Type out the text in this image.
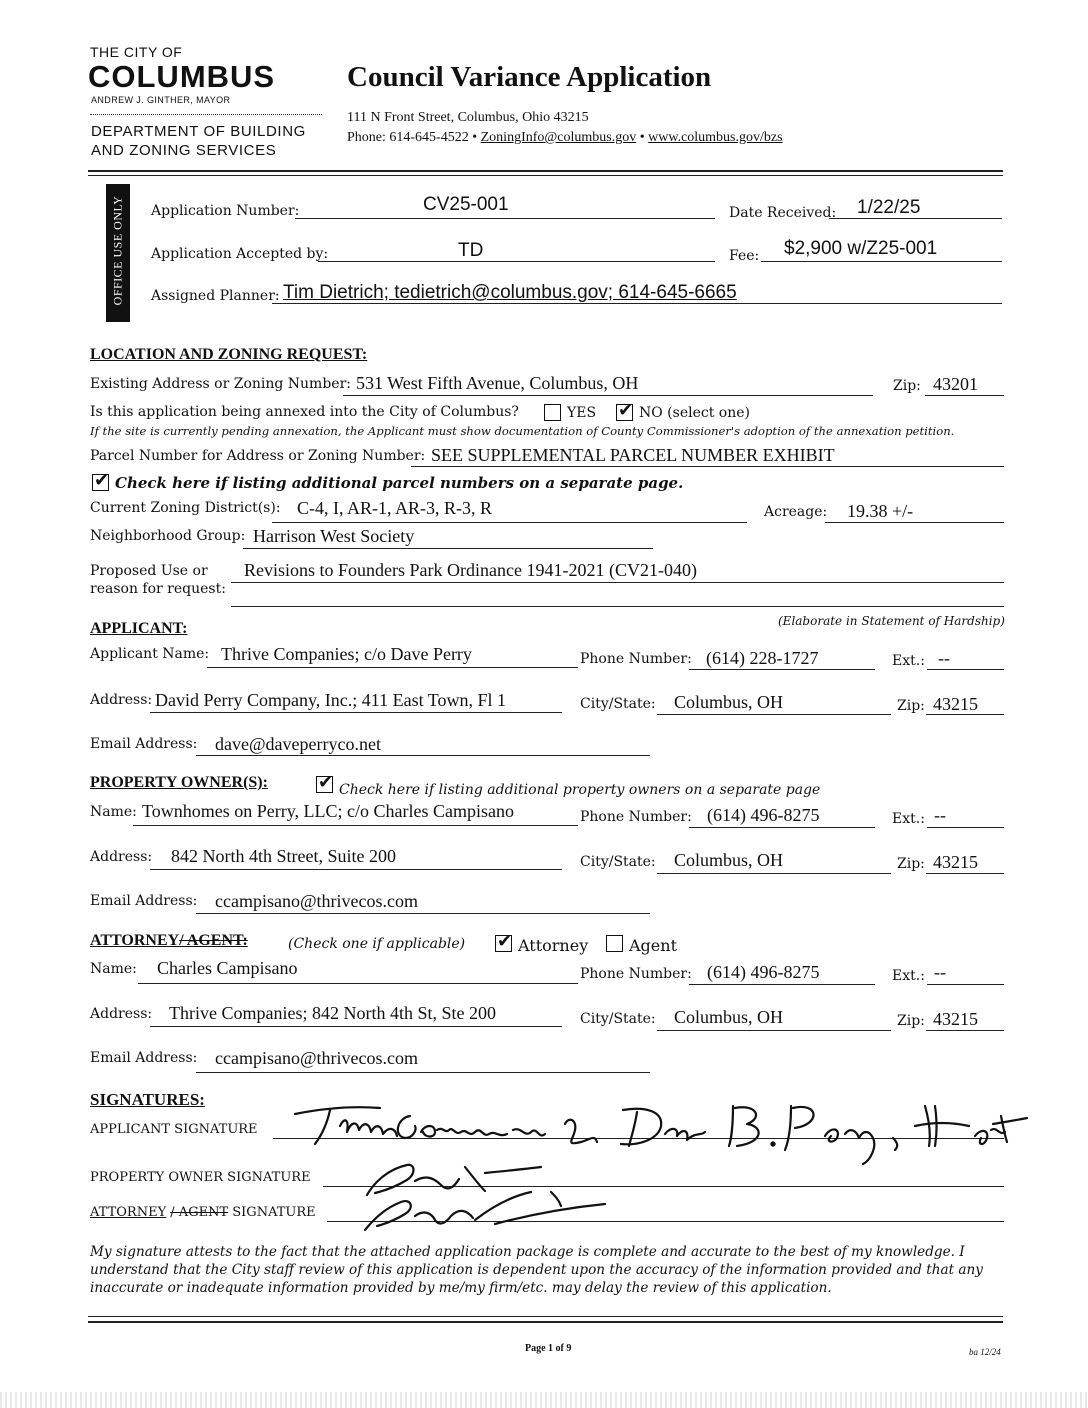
THE CITY OF
COLUMBUS
ANDREW J. GINTHER, MAYOR
DEPARTMENT OF BUILDING
AND ZONING SERVICES
Council Variance Application
111 N Front Street, Columbus, Ohio 43215
Phone: 614-645-4522 • ZoningInfo@columbus.gov • www.columbus.gov/bzs
OFFICE USE ONLY Application Number:	CV25-001	Date Received: 1/22/25
Application Accepted by:	TD	Fee: $2,900 w/Z25-001
Assigned Planner: Tim Dietrich; tedietrich@columbus.gov; 614-645-6665
LOCATION AND ZONING REQUEST:
Existing Address or Zoning Number: 531 West Fifth Avenue, Columbus, OH	Zip: 43201
Is this application being annexed into the City of Columbus?	YES ✔ NO (select one)
If the site is currently pending annexation, the Applicant must show documentation of County Commissioner's adoption of the annexation petition.
Parcel Number for Address or Zoning Number: SEE SUPPLEMENTAL PARCEL NUMBER EXHIBIT
✔ Check here if listing additional parcel numbers on a separate page.
Current Zoning District(s): C-4, I, AR-1, AR-3, R-3, R	Acreage: 19.38 +/-
Neighborhood Group: Harrison West Society
Proposed Use or
reason for request:
Revisions to Founders Park Ordinance 1941-2021 (CV21-040)
APPLICANT:	(Elaborate in Statement of Hardship)
Applicant Name: Thrive Companies; c/o Dave Perry	Phone Number: (614) 228-1727	Ext.: --
Address: David Perry Company, Inc.; 411 East Town, Fl 1	City/State: Columbus, OH	Zip: 43215
Email Address: dave@daveperryco.net
PROPERTY OWNER(S):	✔ Check here if listing additional property owners on a separate page
Name: Townhomes on Perry, LLC; c/o Charles Campisano	Phone Number: (614) 496-8275	Ext.: --
Address: 842 North 4th Street, Suite 200	City/State: Columbus, OH	Zip: 43215
Email Address: ccampisano@thrivecos.com
ATTORNEY/ AGENT:	(Check one if applicable) ✔ Attorney	Agent
Name: Charles Campisano	Phone Number: (614) 496-8275	Ext.: --
Address: Thrive Companies; 842 North 4th St, Ste 200	City/State: Columbus, OH	Zip: 43215
Email Address: ccampisano@thrivecos.com
SIGNATURES:
APPLICANT SIGNATURE
PROPERTY OWNER SIGNATURE
ATTORNEY / AGENT SIGNATURE
My signature attests to the fact that the attached application package is complete and accurate to the best of my knowledge. I understand that the City staff review of this application is dependent upon the accuracy of the information provided and that any inaccurate or inadequate information provided by me/my firm/etc. may delay the review of this application.
Page 1 of 9	ba 12/24
